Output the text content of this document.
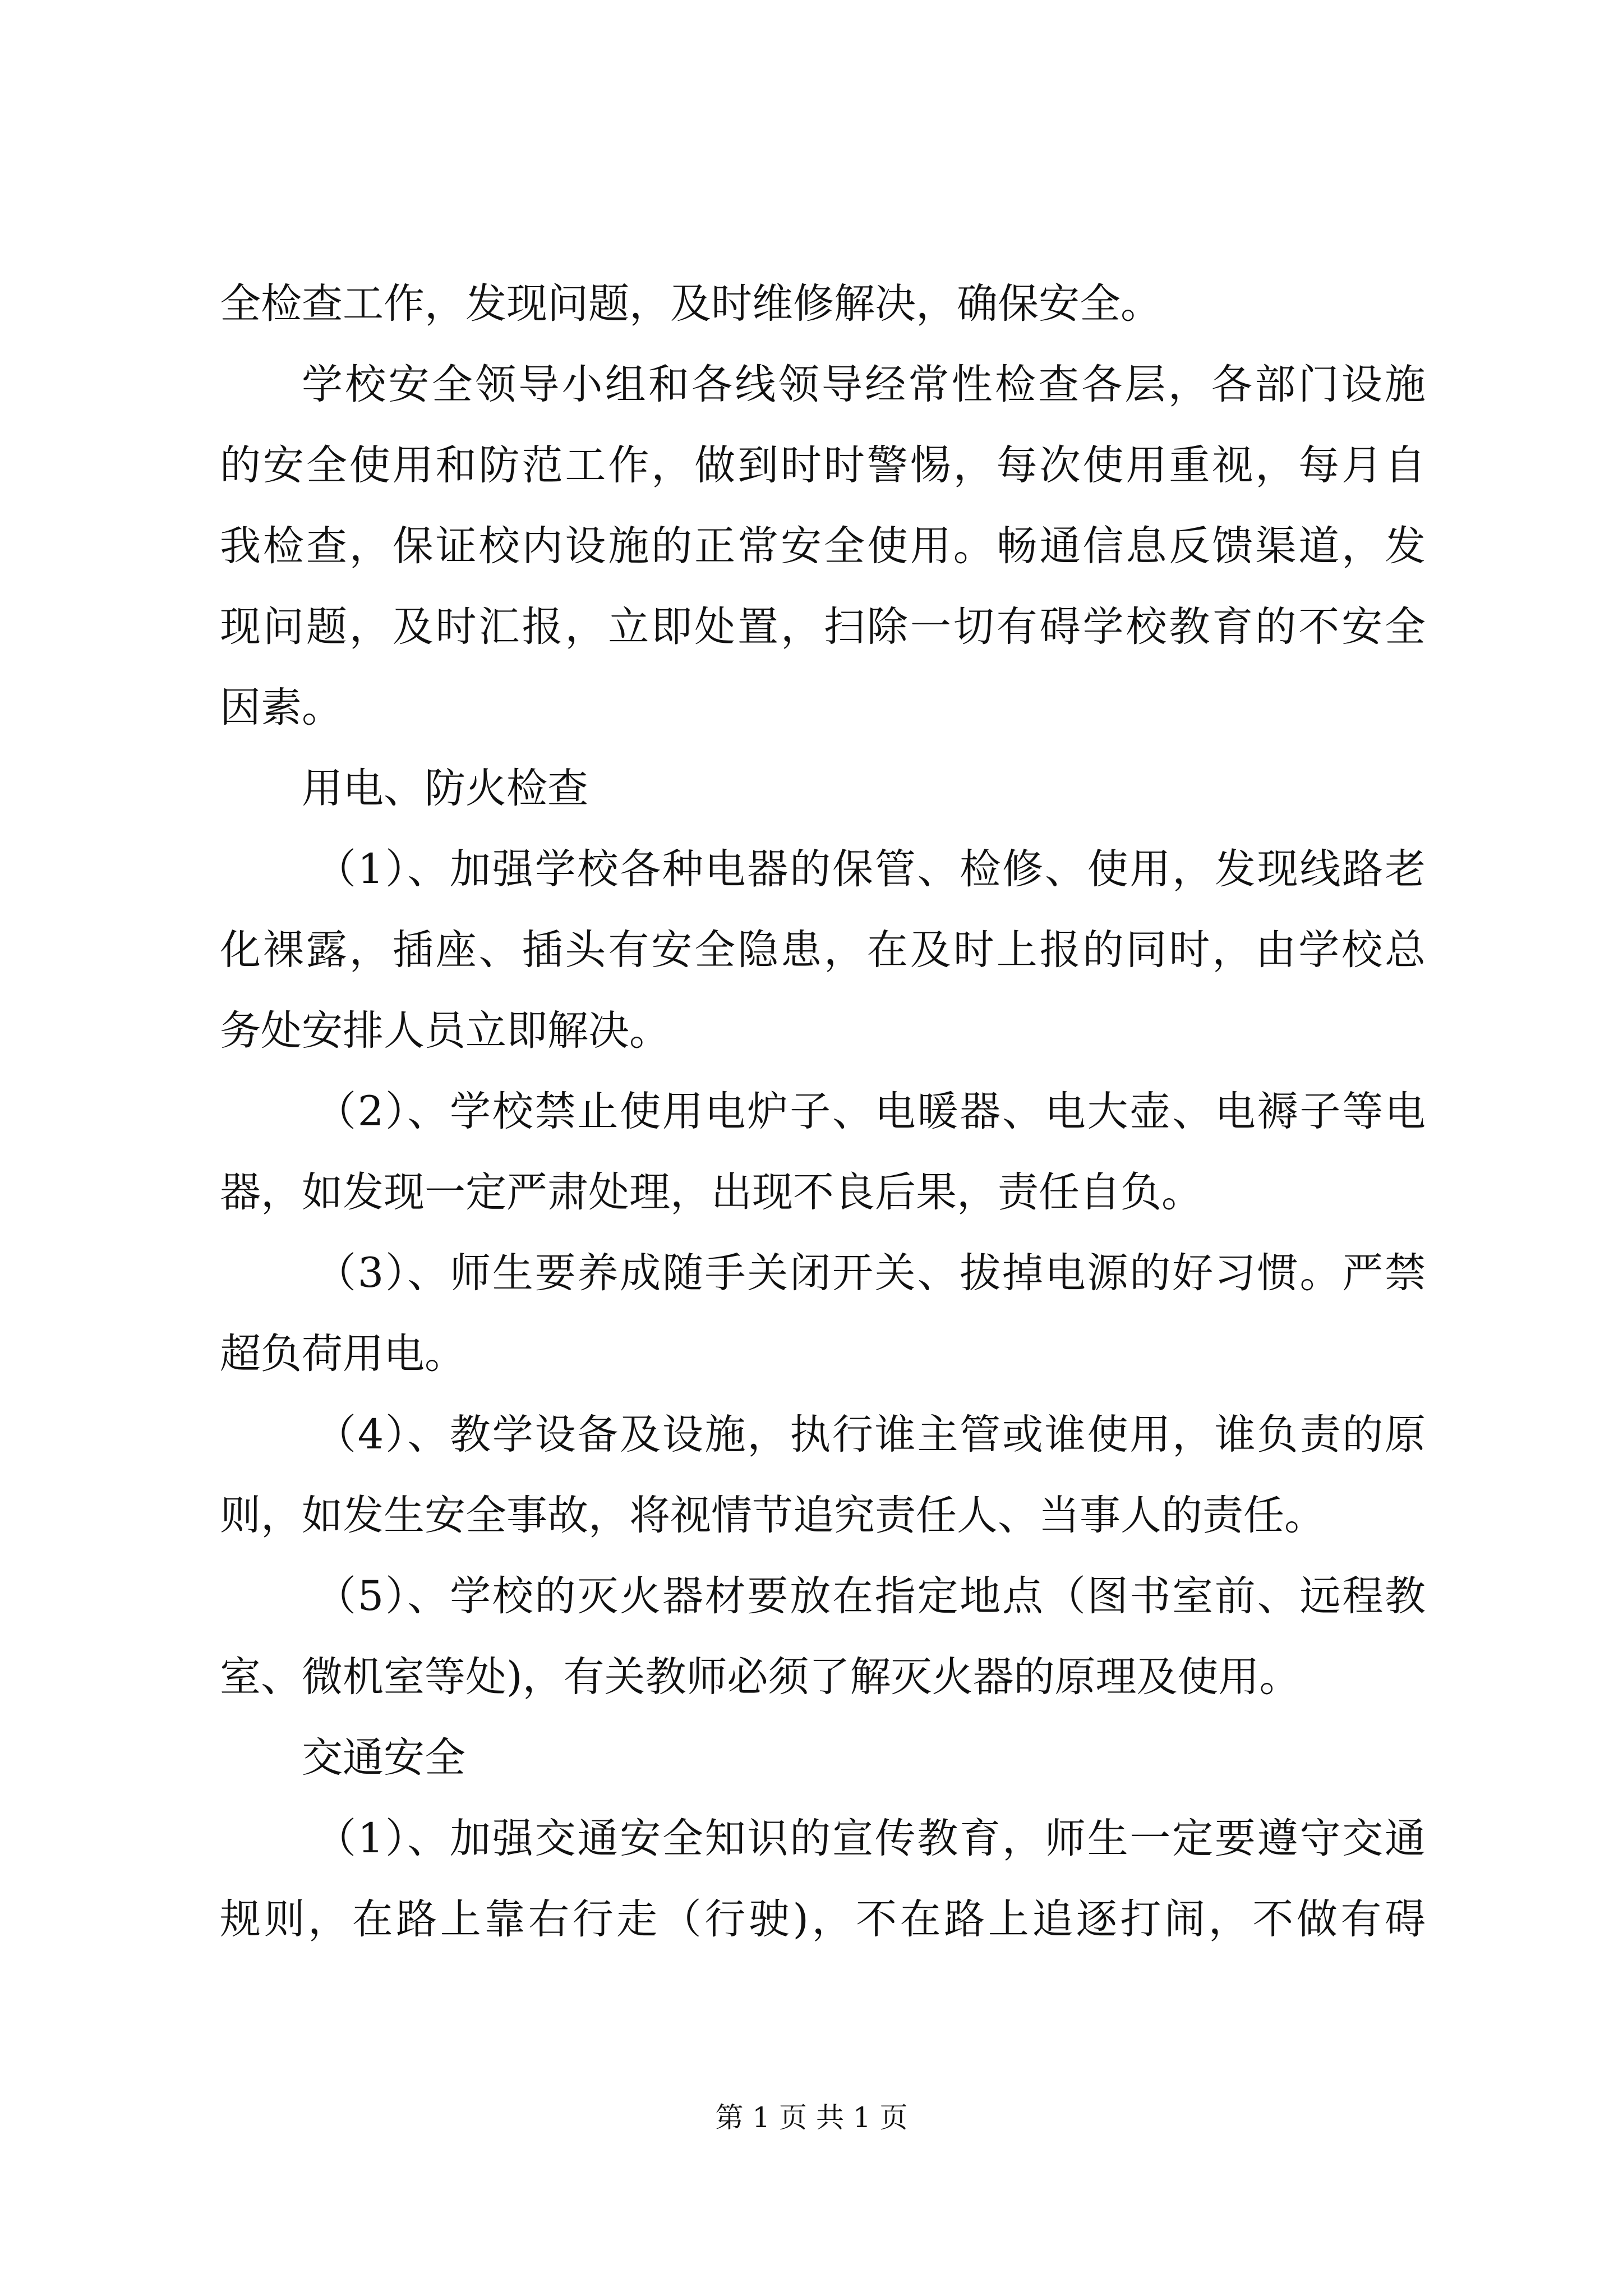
全检查工作，发现问题，及时维修解决，确保安全。
学校安全领导小组和各线领导经常性检查各层，各部门设施
的安全使用和防范工作，做到时时警惕，每次使用重视，每月自
我检查，保证校内设施的正常安全使用。畅通信息反馈渠道，发
现问题，及时汇报，立即处置，扫除一切有碍学校教育的不安全
因素。
用电、防火检查
（1）、加强学校各种电器的保管、检修、使用，发现线路老
化裸露，插座、插头有安全隐患，在及时上报的同时，由学校总
务处安排人员立即解决。
（2）、学校禁止使用电炉子、电暖器、电大壶、电褥子等电
器，如发现一定严肃处理，出现不良后果，责任自负。
（3）、师生要养成随手关闭开关、拔掉电源的好习惯。严禁
超负荷用电。
（4）、教学设备及设施，执行谁主管或谁使用，谁负责的原
则，如发生安全事故，将视情节追究责任人、当事人的责任。
（5）、学校的灭火器材要放在指定地点（图书室前、远程教
室、微机室等处)，有关教师必须了解灭火器的原理及使用。
交通安全
（1）、加强交通安全知识的宣传教育，师生一定要遵守交通
规则，在路上靠右行走（行驶)，不在路上追逐打闹，不做有碍
第 1 页 共 1 页
